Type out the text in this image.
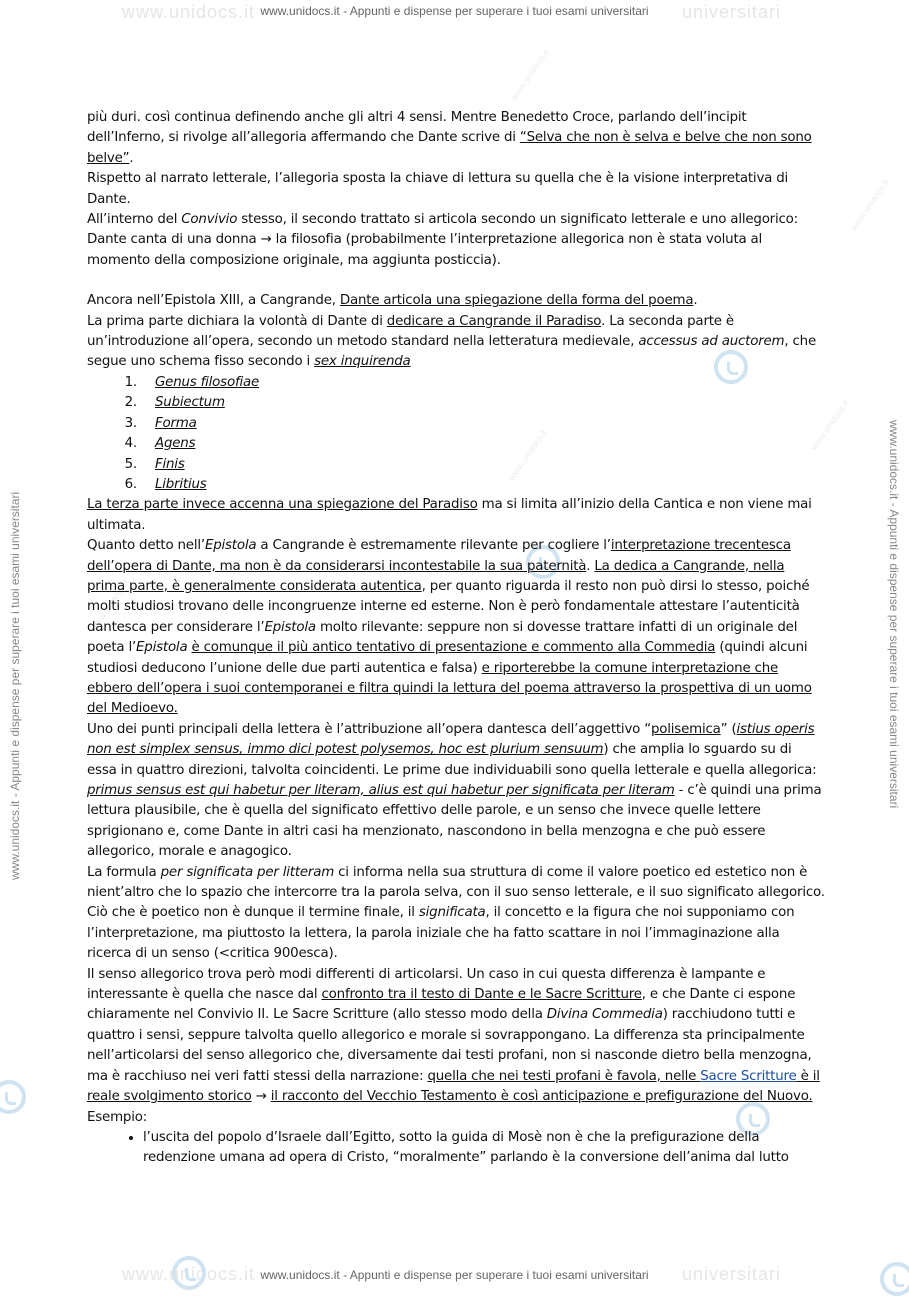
www.unidocs.it	universitari
www.unidocs.it - Appunti e dispense per superare i tuoi esami universitari
www.unidocs.it	universitari
www.unidocs.it - Appunti e dispense per superare i tuoi esami universitari
www.unidocs.it - Appunti e dispense per superare i tuoi esami universitari	www.unidocs.it - Appunti e dispense per superare i tuoi esami universitari
www.unidocs.it
www.unidocs.it
www.unidocs.it
www.unidocs.it
www.unidocs.it
www.unidocs.it

più duri. così continua definendo anche gli altri 4 sensi. Mentre Benedetto Croce, parlando dell’incipit dell’Inferno, si rivolge all’allegoria affermando che Dante scrive di “Selva che non è selva e belve che non sono belve”.

Rispetto al narrato letterale, l’allegoria sposta la chiave di lettura su quella che è la visione interpretativa di Dante.

All’interno del Convivio stesso, il secondo trattato si articola secondo un significato letterale e uno allegorico: Dante canta di una donna → la filosofia (probabilmente l’interpretazione allegorica non è stata voluta al momento della composizione originale, ma aggiunta posticcia).

Ancora nell’Epistola XIII, a Cangrande, Dante articola una spiegazione della forma del poema.

La prima parte dichiara la volontà di Dante di dedicare a Cangrande il Paradiso. La seconda parte è un’introduzione all’opera, secondo un metodo standard nella letteratura medievale, accessus ad auctorem, che segue uno schema fisso secondo i sex inquirenda

1. Genus filosofiae
2. Subiectum
3. Forma
4. Agens
5. Finis
6. Libritius

La terza parte invece accenna una spiegazione del Paradiso ma si limita all’inizio della Cantica e non viene mai ultimata.

Quanto detto nell’Epistola a Cangrande è estremamente rilevante per cogliere l’interpretazione trecentesca dell’opera di Dante, ma non è da considerarsi incontestabile la sua paternità. La dedica a Cangrande, nella prima parte, è generalmente considerata autentica, per quanto riguarda il resto non può dirsi lo stesso, poiché molti studiosi trovano delle incongruenze interne ed esterne. Non è però fondamentale attestare l’autenticità dantesca per considerare l’Epistola molto rilevante: seppure non si dovesse trattare infatti di un originale del poeta l’Epistola è comunque il più antico tentativo di presentazione e commento alla Commedia (quindi alcuni studiosi deducono l’unione delle due parti autentica e falsa) e riporterebbe la comune interpretazione che ebbero dell’opera i suoi contemporanei e filtra quindi la lettura del poema attraverso la prospettiva di un uomo del Medioevo.

Uno dei punti principali della lettera è l’attribuzione all’opera dantesca dell’aggettivo “polisemica” (istius operis non est simplex sensus, immo dici potest polysemos, hoc est plurium sensuum) che amplia lo sguardo su di essa in quattro direzioni, talvolta coincidenti. Le prime due individuabili sono quella letterale e quella allegorica: primus sensus est qui habetur per literam, alius est qui habetur per significata per literam - c’è quindi una prima lettura plausibile, che è quella del significato effettivo delle parole, e un senso che invece quelle lettere sprigionano e, come Dante in altri casi ha menzionato, nascondono in bella menzogna e che può essere allegorico, morale e anagogico.

La formula per significata per litteram ci informa nella sua struttura di come il valore poetico ed estetico non è nient’altro che lo spazio che intercorre tra la parola selva, con il suo senso letterale, e il suo significato allegorico. Ciò che è poetico non è dunque il termine finale, il significata, il concetto e la figura che noi supponiamo con l’interpretazione, ma piuttosto la lettera, la parola iniziale che ha fatto scattare in noi l’immaginazione alla ricerca di un senso (<critica 900esca).

Il senso allegorico trova però modi differenti di articolarsi. Un caso in cui questa differenza è lampante e interessante è quella che nasce dal confronto tra il testo di Dante e le Sacre Scritture, e che Dante ci espone chiaramente nel Convivio II. Le Sacre Scritture (allo stesso modo della Divina Commedia) racchiudono tutti e quattro i sensi, seppure talvolta quello allegorico e morale si sovrappongano. La differenza sta principalmente nell’articolarsi del senso allegorico che, diversamente dai testi profani, non si nasconde dietro bella menzogna, ma è racchiuso nei veri fatti stessi della narrazione: quella che nei testi profani è favola, nelle Sacre Scritture è il reale svolgimento storico → il racconto del Vecchio Testamento è così anticipazione e prefigurazione del Nuovo.

Esempio:

• l’uscita del popolo d’Israele dall’Egitto, sotto la guida di Mosè non è che la prefigurazione della redenzione umana ad opera di Cristo, “moralmente” parlando è la conversione dell’anima dal lutto
